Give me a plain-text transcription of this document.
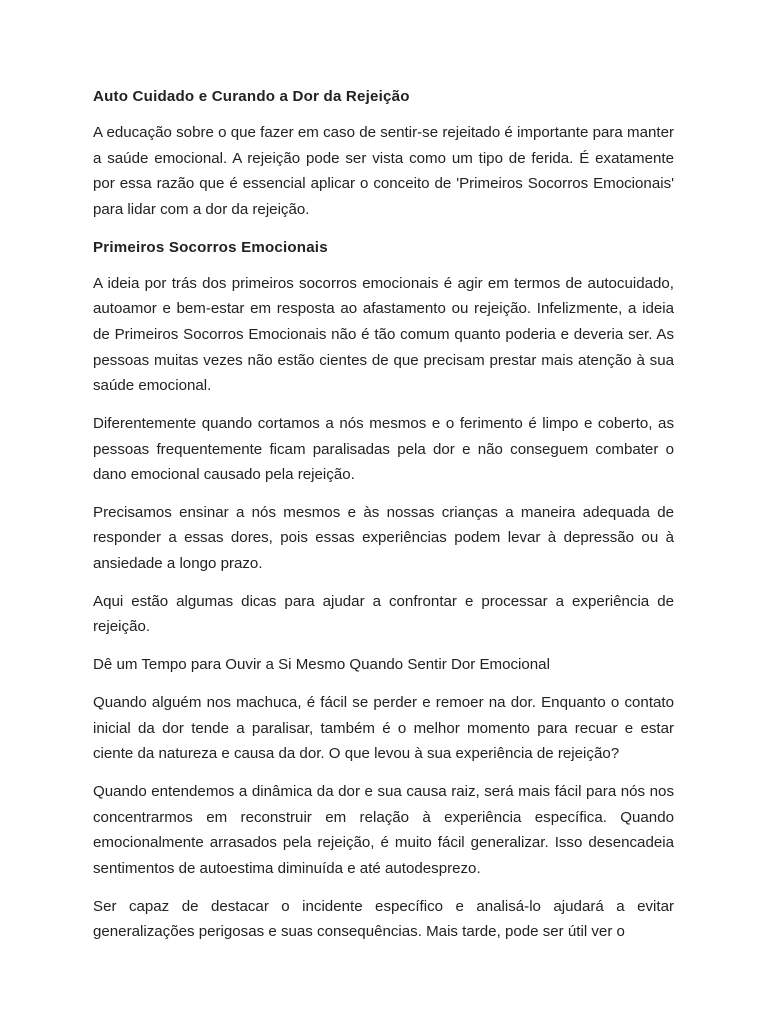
Auto Cuidado e Curando a Dor da Rejeição

A educação sobre o que fazer em caso de sentir-se rejeitado é importante para manter a saúde emocional. A rejeição pode ser vista como um tipo de ferida. É exatamente por essa razão que é essencial aplicar o conceito de 'Primeiros Socorros Emocionais' para lidar com a dor da rejeição.

Primeiros Socorros Emocionais

A ideia por trás dos primeiros socorros emocionais é agir em termos de autocuidado, autoamor e bem-estar em resposta ao afastamento ou rejeição. Infelizmente, a ideia de Primeiros Socorros Emocionais não é tão comum quanto poderia e deveria ser. As pessoas muitas vezes não estão cientes de que precisam prestar mais atenção à sua saúde emocional.

Diferentemente quando cortamos a nós mesmos e o ferimento é limpo e coberto, as pessoas frequentemente ficam paralisadas pela dor e não conseguem combater o dano emocional causado pela rejeição.

Precisamos ensinar a nós mesmos e às nossas crianças a maneira adequada de responder a essas dores, pois essas experiências podem levar à depressão ou à ansiedade a longo prazo.

Aqui estão algumas dicas para ajudar a confrontar e processar a experiência de rejeição.

Dê um Tempo para Ouvir a Si Mesmo Quando Sentir Dor Emocional

Quando alguém nos machuca, é fácil se perder e remoer na dor. Enquanto o contato inicial da dor tende a paralisar, também é o melhor momento para recuar e estar ciente da natureza e causa da dor. O que levou à sua experiência de rejeição?

Quando entendemos a dinâmica da dor e sua causa raiz, será mais fácil para nós nos concentrarmos em reconstruir em relação à experiência específica. Quando emocionalmente arrasados pela rejeição, é muito fácil generalizar. Isso desencadeia sentimentos de autoestima diminuída e até autodesprezo.

Ser capaz de destacar o incidente específico e analisá-lo ajudará a evitar generalizações perigosas e suas consequências. Mais tarde, pode ser útil ver o
